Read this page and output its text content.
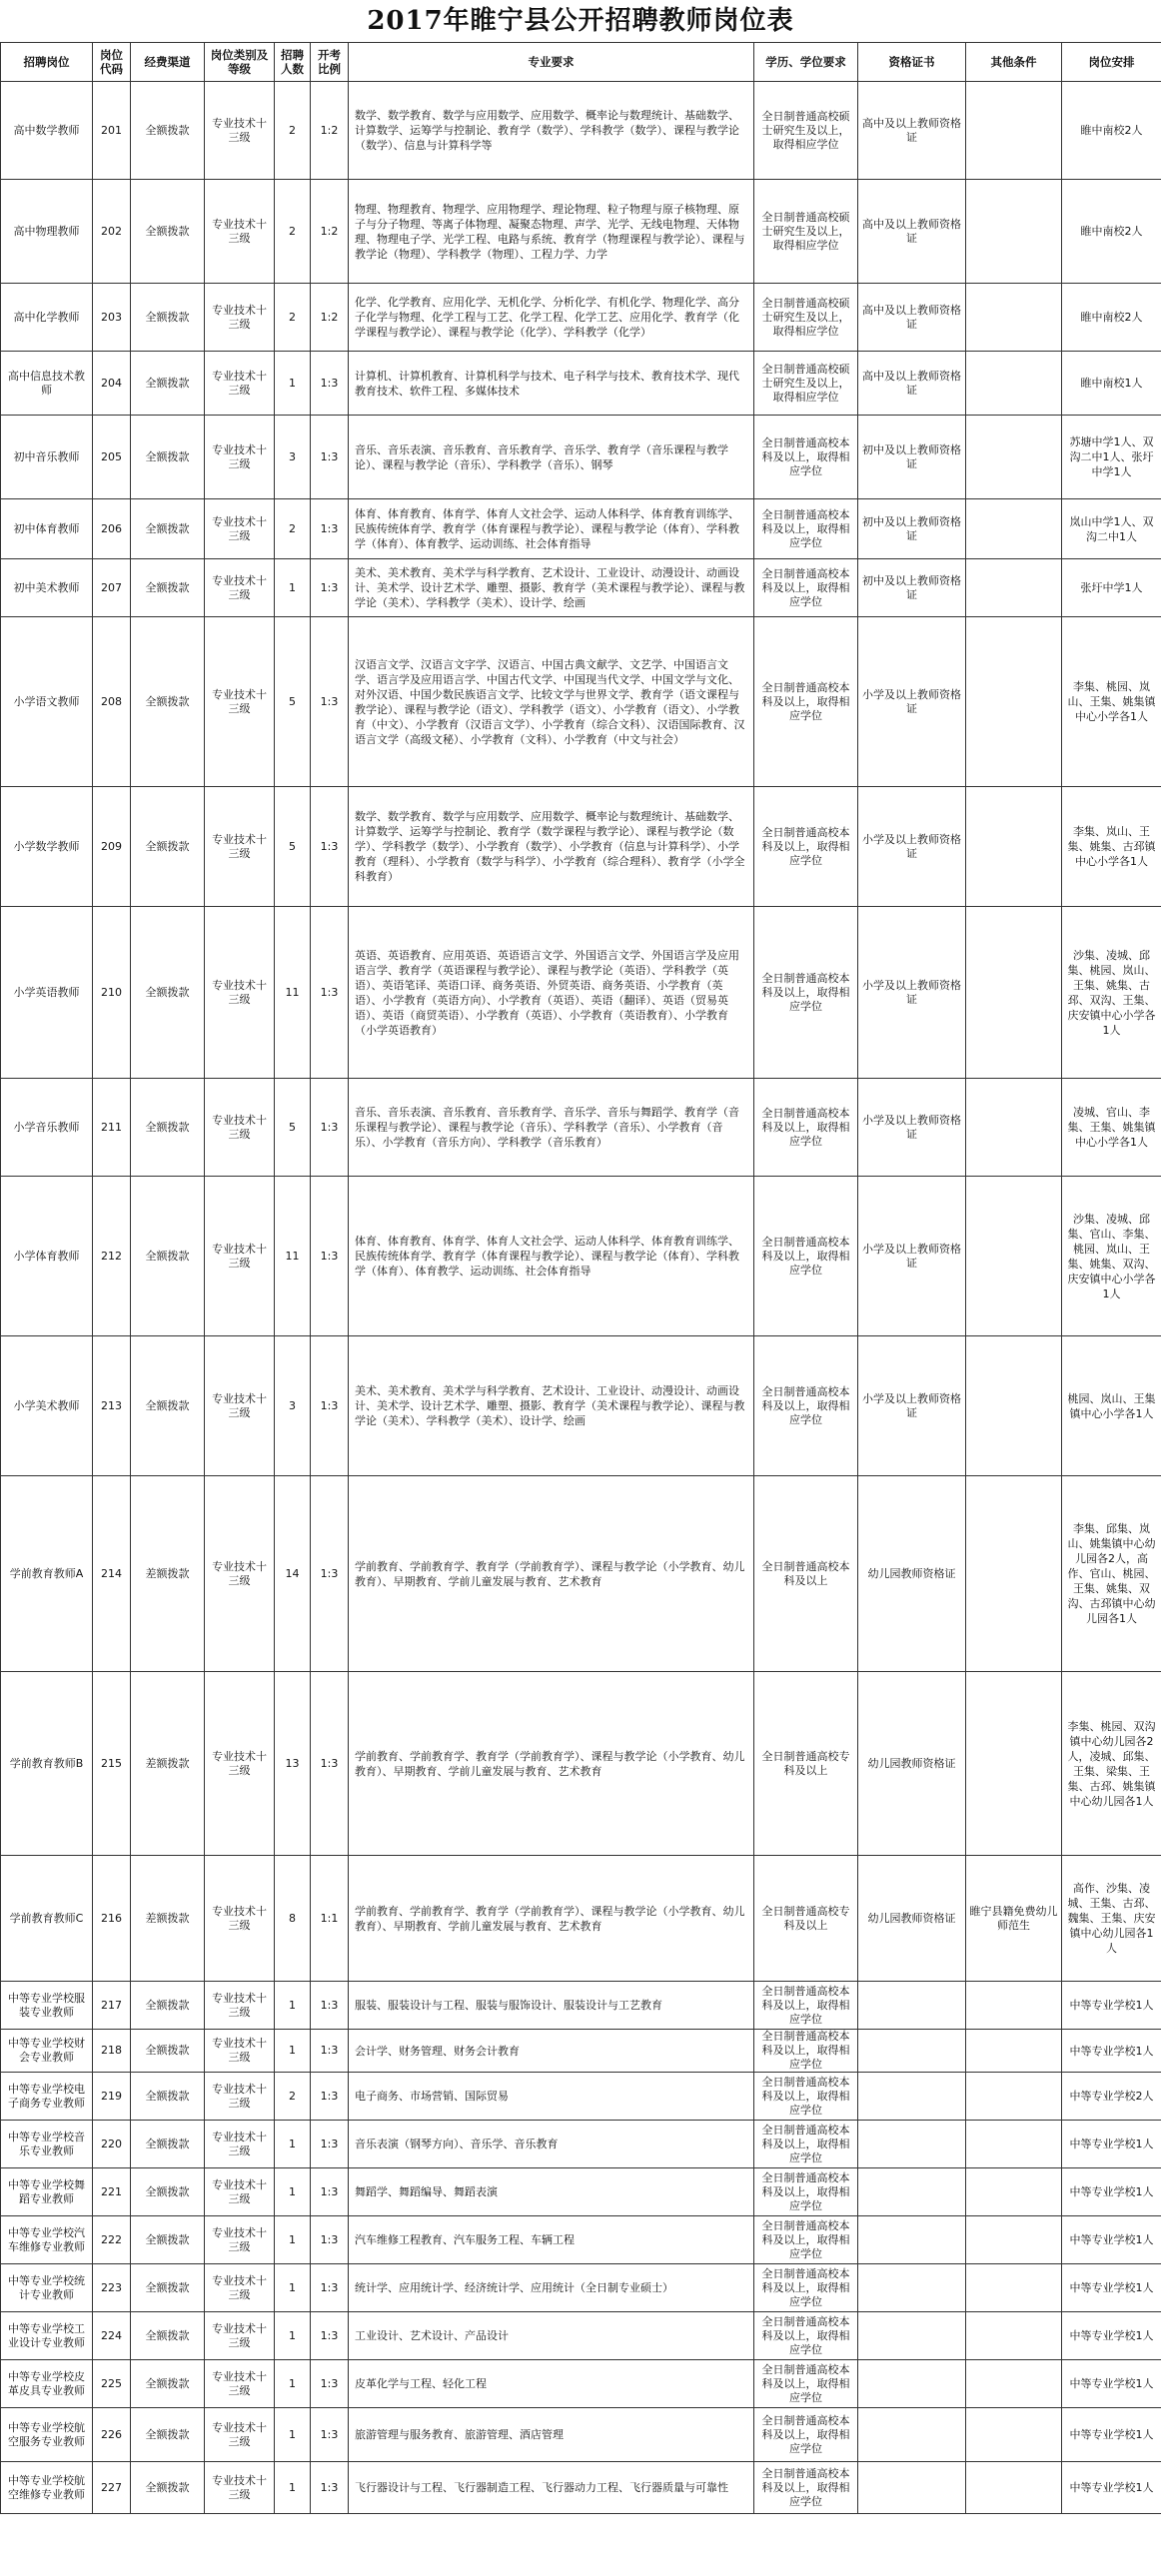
2017年睢宁县公开招聘教师岗位表
招聘岗位	岗位代码	经费渠道	岗位类别及等级	招聘人数	开考比例	专业要求	学历、学位要求	资格证书	其他条件	岗位安排
高中数学教师	201	全额拨款	专业技术十三级	2	1:2	数学、数学教育、数学与应用数学、应用数学、概率论与数理统计、基础数学、计算数学、运筹学与控制论、教育学（数学）、学科教学（数学）、课程与教学论（数学）、信息与计算科学等	全日制普通高校硕士研究生及以上，取得相应学位	高中及以上教师资格证		睢中南校2人
高中物理教师	202	全额拨款	专业技术十三级	2	1:2	物理、物理教育、物理学、应用物理学、理论物理、粒子物理与原子核物理、原子与分子物理、等离子体物理、凝聚态物理、声学、光学、无线电物理、天体物理、物理电子学、光学工程、电路与系统、教育学（物理课程与教学论）、课程与教学论（物理）、学科教学（物理）、工程力学、力学	全日制普通高校硕士研究生及以上，取得相应学位	高中及以上教师资格证		睢中南校2人
高中化学教师	203	全额拨款	专业技术十三级	2	1:2	化学、化学教育、应用化学、无机化学、分析化学、有机化学、物理化学、高分子化学与物理、化学工程与工艺、化学工程、化学工艺、应用化学、教育学（化学课程与教学论）、课程与教学论（化学）、学科教学（化学）	全日制普通高校硕士研究生及以上，取得相应学位	高中及以上教师资格证		睢中南校2人
高中信息技术教师	204	全额拨款	专业技术十三级	1	1:3	计算机、计算机教育、计算机科学与技术、电子科学与技术、教育技术学、现代教育技术、软件工程、多媒体技术	全日制普通高校硕士研究生及以上，取得相应学位	高中及以上教师资格证		睢中南校1人
初中音乐教师	205	全额拨款	专业技术十三级	3	1:3	音乐、音乐表演、音乐教育、音乐教育学、音乐学、教育学（音乐课程与教学论）、课程与教学论（音乐）、学科教学（音乐）、钢琴	全日制普通高校本科及以上，取得相应学位	初中及以上教师资格证		苏塘中学1人、双沟二中1人、张圩中学1人
初中体育教师	206	全额拨款	专业技术十三级	2	1:3	体育、体育教育、体育学、体育人文社会学、运动人体科学、体育教育训练学、民族传统体育学、教育学（体育课程与教学论）、课程与教学论（体育）、学科教学（体育）、体育教学、运动训练、社会体育指导	全日制普通高校本科及以上，取得相应学位	初中及以上教师资格证		岚山中学1人、双沟二中1人
初中美术教师	207	全额拨款	专业技术十三级	1	1:3	美术、美术教育、美术学与科学教育、艺术设计、工业设计、动漫设计、动画设计、美术学、设计艺术学、雕塑、摄影、教育学（美术课程与教学论）、课程与教学论（美术）、学科教学（美术）、设计学、绘画	全日制普通高校本科及以上，取得相应学位	初中及以上教师资格证		张圩中学1人
小学语文教师	208	全额拨款	专业技术十三级	5	1:3	汉语言文学、汉语言文字学、汉语言、中国古典文献学、文艺学、中国语言文学、语言学及应用语言学、中国古代文学、中国现当代文学、中国文学与文化、对外汉语、中国少数民族语言文学、比较文学与世界文学、教育学（语文课程与教学论）、课程与教学论（语文）、学科教学（语文）、小学教育（语文）、小学教育（中文）、小学教育（汉语言文学）、小学教育（综合文科）、汉语国际教育、汉语言文学（高级文秘）、小学教育（文科）、小学教育（中文与社会）	全日制普通高校本科及以上，取得相应学位	小学及以上教师资格证		李集、桃园、岚山、王集、姚集镇中心小学各1人
小学数学教师	209	全额拨款	专业技术十三级	5	1:3	数学、数学教育、数学与应用数学、应用数学、概率论与数理统计、基础数学、计算数学、运筹学与控制论、教育学（数学课程与教学论）、课程与教学论（数学）、学科教学（数学）、小学教育（数学）、小学教育（信息与计算科学）、小学教育（理科）、小学教育（数学与科学）、小学教育（综合理科）、教育学（小学全科教育）	全日制普通高校本科及以上，取得相应学位	小学及以上教师资格证		李集、岚山、王集、姚集、古邳镇中心小学各1人
小学英语教师	210	全额拨款	专业技术十三级	11	1:3	英语、英语教育、应用英语、英语语言文学、外国语言文学、外国语言学及应用语言学、教育学（英语课程与教学论）、课程与教学论（英语）、学科教学（英语）、英语笔译、英语口译、商务英语、外贸英语、商务英语、小学教育（英语）、小学教育（英语方向）、小学教育（英语）、英语（翻译）、英语（贸易英语）、英语（商贸英语）、小学教育（英语）、小学教育（英语教育）、小学教育（小学英语教育）	全日制普通高校本科及以上，取得相应学位	小学及以上教师资格证		沙集、凌城、邱集、桃园、岚山、王集、姚集、古邳、双沟、王集、庆安镇中心小学各1人
小学音乐教师	211	全额拨款	专业技术十三级	5	1:3	音乐、音乐表演、音乐教育、音乐教育学、音乐学、音乐与舞蹈学、教育学（音乐课程与教学论）、课程与教学论（音乐）、学科教学（音乐）、小学教育（音乐）、小学教育（音乐方向）、学科教学（音乐教育）	全日制普通高校本科及以上，取得相应学位	小学及以上教师资格证		凌城、官山、李集、王集、姚集镇中心小学各1人
小学体育教师	212	全额拨款	专业技术十三级	11	1:3	体育、体育教育、体育学、体育人文社会学、运动人体科学、体育教育训练学、民族传统体育学、教育学（体育课程与教学论）、课程与教学论（体育）、学科教学（体育）、体育教学、运动训练、社会体育指导	全日制普通高校本科及以上，取得相应学位	小学及以上教师资格证		沙集、凌城、邱集、官山、李集、桃园、岚山、王集、姚集、双沟、庆安镇中心小学各1人
小学美术教师	213	全额拨款	专业技术十三级	3	1:3	美术、美术教育、美术学与科学教育、艺术设计、工业设计、动漫设计、动画设计、美术学、设计艺术学、雕塑、摄影、教育学（美术课程与教学论）、课程与教学论（美术）、学科教学（美术）、设计学、绘画	全日制普通高校本科及以上，取得相应学位	小学及以上教师资格证		桃园、岚山、王集镇中心小学各1人
学前教育教师A	214	差额拨款	专业技术十三级	14	1:3	学前教育、学前教育学、教育学（学前教育学）、课程与教学论（小学教育、幼儿教育）、早期教育、学前儿童发展与教育、艺术教育	全日制普通高校本科及以上	幼儿园教师资格证		李集、邱集、岚山、姚集镇中心幼儿园各2人，高作、官山、桃园、王集、姚集、双沟、古邳镇中心幼儿园各1人
学前教育教师B	215	差额拨款	专业技术十三级	13	1:3	学前教育、学前教育学、教育学（学前教育学）、课程与教学论（小学教育、幼儿教育）、早期教育、学前儿童发展与教育、艺术教育	全日制普通高校专科及以上	幼儿园教师资格证		李集、桃园、双沟镇中心幼儿园各2人，凌城、邱集、王集、梁集、王集、古邳、姚集镇中心幼儿园各1人
学前教育教师C	216	差额拨款	专业技术十三级	8	1:1	学前教育、学前教育学、教育学（学前教育学）、课程与教学论（小学教育、幼儿教育）、早期教育、学前儿童发展与教育、艺术教育	全日制普通高校专科及以上	幼儿园教师资格证	睢宁县籍免费幼儿师范生	高作、沙集、凌城、王集、古邳、魏集、王集、庆安镇中心幼儿园各1人
中等专业学校服装专业教师	217	全额拨款	专业技术十三级	1	1:3	服装、服装设计与工程、服装与服饰设计、服装设计与工艺教育	全日制普通高校本科及以上，取得相应学位			中等专业学校1人
中等专业学校财会专业教师	218	全额拨款	专业技术十三级	1	1:3	会计学、财务管理、财务会计教育	全日制普通高校本科及以上，取得相应学位			中等专业学校1人
中等专业学校电子商务专业教师	219	全额拨款	专业技术十三级	2	1:3	电子商务、市场营销、国际贸易	全日制普通高校本科及以上，取得相应学位			中等专业学校2人
中等专业学校音乐专业教师	220	全额拨款	专业技术十三级	1	1:3	音乐表演（钢琴方向）、音乐学、音乐教育	全日制普通高校本科及以上，取得相应学位			中等专业学校1人
中等专业学校舞蹈专业教师	221	全额拨款	专业技术十三级	1	1:3	舞蹈学、舞蹈编导、舞蹈表演	全日制普通高校本科及以上，取得相应学位			中等专业学校1人
中等专业学校汽车维修专业教师	222	全额拨款	专业技术十三级	1	1:3	汽车维修工程教育、汽车服务工程、车辆工程	全日制普通高校本科及以上，取得相应学位			中等专业学校1人
中等专业学校统计专业教师	223	全额拨款	专业技术十三级	1	1:3	统计学、应用统计学、经济统计学、应用统计（全日制专业硕士）	全日制普通高校本科及以上，取得相应学位			中等专业学校1人
中等专业学校工业设计专业教师	224	全额拨款	专业技术十三级	1	1:3	工业设计、艺术设计、产品设计	全日制普通高校本科及以上，取得相应学位			中等专业学校1人
中等专业学校皮革皮具专业教师	225	全额拨款	专业技术十三级	1	1:3	皮革化学与工程、轻化工程	全日制普通高校本科及以上，取得相应学位			中等专业学校1人
中等专业学校航空服务专业教师	226	全额拨款	专业技术十三级	1	1:3	旅游管理与服务教育、旅游管理、酒店管理	全日制普通高校本科及以上，取得相应学位			中等专业学校1人
中等专业学校航空维修专业教师	227	全额拨款	专业技术十三级	1	1:3	飞行器设计与工程、飞行器制造工程、飞行器动力工程、飞行器质量与可靠性	全日制普通高校本科及以上，取得相应学位			中等专业学校1人
